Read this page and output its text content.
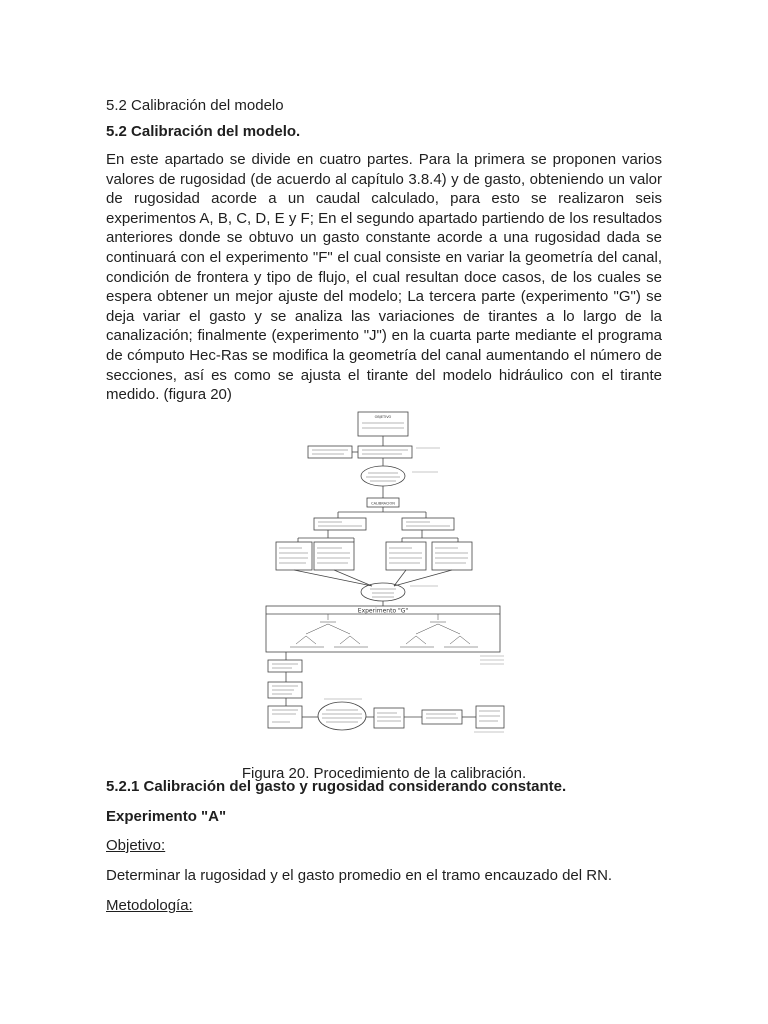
5.2 Calibración del modelo

5.2 Calibración del modelo.

En este apartado se divide en cuatro partes. Para la primera se proponen varios valores de rugosidad (de acuerdo al capítulo 3.8.4) y de gasto, obteniendo un valor de rugosidad acorde a un caudal calculado, para esto se realizaron seis experimentos A, B, C, D, E y F; En el segundo apartado partiendo de los resultados anteriores donde se obtuvo un gasto constante acorde a una rugosidad dada se continuará con el experimento "F" el cual consiste en variar la geometría del canal, condición de frontera y tipo de flujo, el cual resultan doce casos, de los cuales se espera obtener un mejor ajuste del modelo; La tercera parte (experimento "G") se deja variar el gasto y se analiza las variaciones de tirantes a lo largo de la canalización; finalmente (experimento "J") en la cuarta parte mediante el programa de cómputo Hec-Ras se modifica la geometría del canal aumentando el número de secciones, así es como se ajusta el tirante del modelo hidráulico con el tirante medido. (figura 20)

OBJETIVO
CALIBRACION
Experimento "G"

Figura 20. Procedimiento de la calibración.

5.2.1 Calibración del gasto y rugosidad considerando constante.

Experimento "A"

Objetivo:

Determinar la rugosidad y el gasto promedio en el tramo encauzado del RN.

Metodología:
